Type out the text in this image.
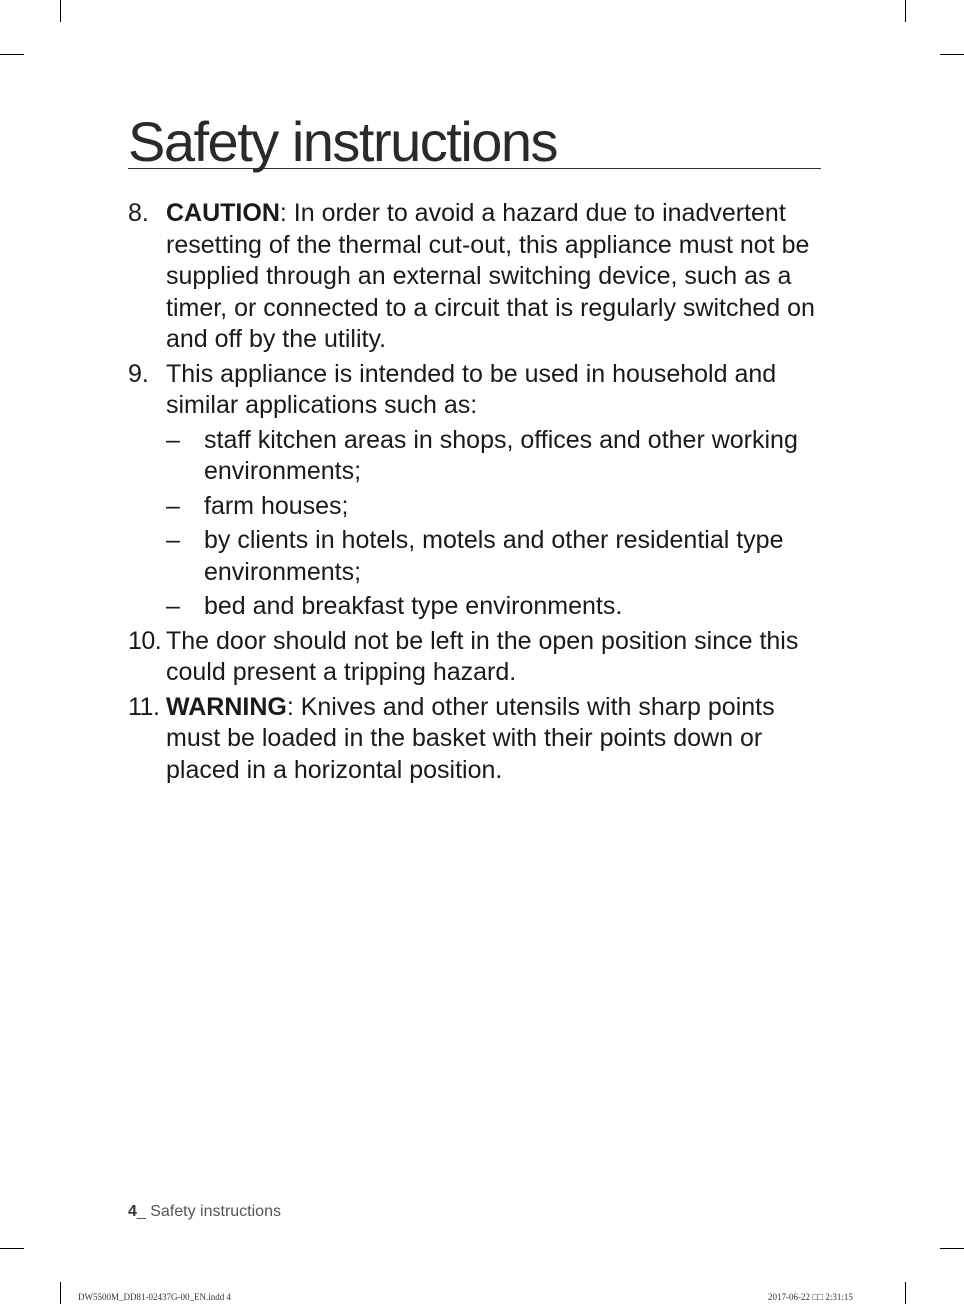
Safety instructions
8. CAUTION: In order to avoid a hazard due to inadvertent resetting of the thermal cut-out, this appliance must not be supplied through an external switching device, such as a timer, or connected to a circuit that is regularly switched on and off by the utility.
9. This appliance is intended to be used in household and similar applications such as:
– staff kitchen areas in shops, offices and other working environments;
– farm houses;
– by clients in hotels, motels and other residential type environments;
– bed and breakfast type environments.
10. The door should not be left in the open position since this could present a tripping hazard.
11. WARNING: Knives and other utensils with sharp points must be loaded in the basket with their points down or placed in a horizontal position.
4_ Safety instructions
DW5500M_DD81-02437G-00_EN.indd 4	2017-06-22 □□ 2:31:15
